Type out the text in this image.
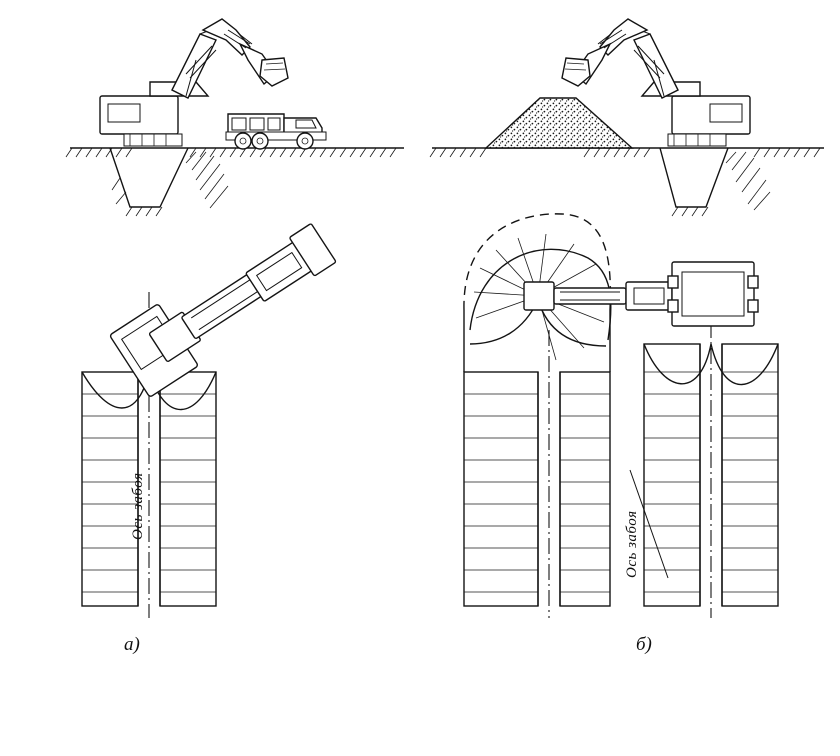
Ось забоя
Ось забоя
а)	б)
